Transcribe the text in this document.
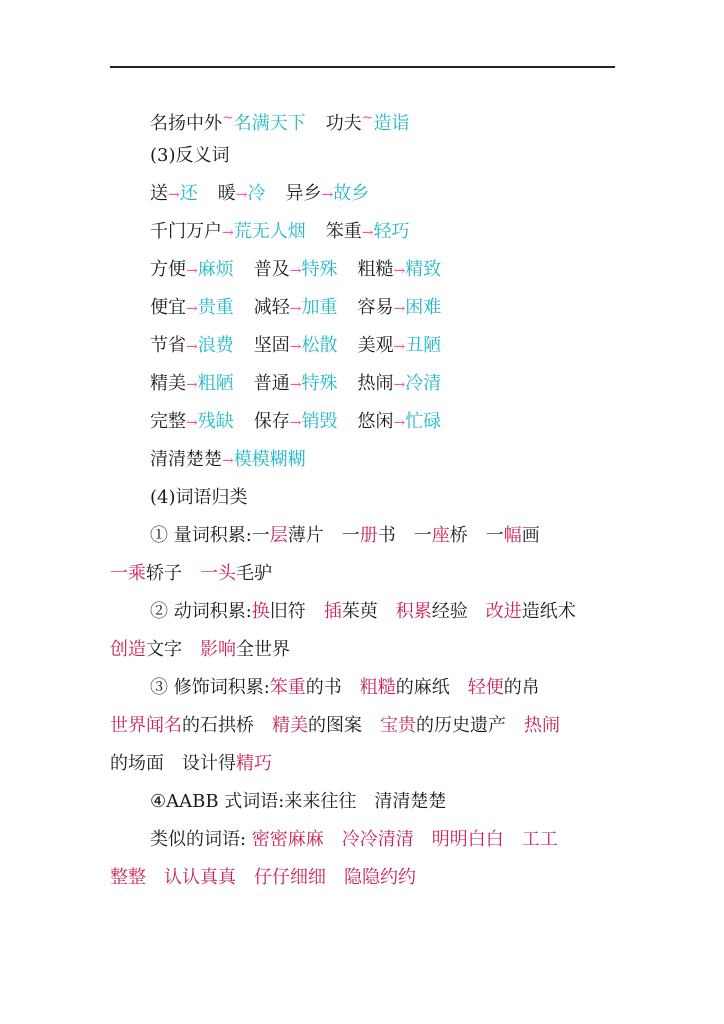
名扬中外~名满天下 功夫~造诣
(3)反义词
送→还 暖→冷 异乡→故乡
千门万户→荒无人烟 笨重→轻巧
方便→麻烦 普及→特殊 粗糙→精致
便宜→贵重 减轻→加重 容易→困难
节省→浪费 坚固→松散 美观→丑陋
精美→粗陋 普通→特殊 热闹→冷清
完整→残缺 保存→销毁 悠闲→忙碌
清清楚楚→模模糊糊
(4)词语归类
① 量词积累:一层薄片 一册书 一座桥 一幅画
一乘轿子 一头毛驴
② 动词积累:换旧符 插茱萸 积累经验 改进造纸术
创造文字 影响全世界
③ 修饰词积累:笨重的书 粗糙的麻纸 轻便的帛
世界闻名的石拱桥 精美的图案 宝贵的历史遗产 热闹
的场面 设计得精巧
④AABB 式词语:来来往往 清清楚楚
类似的词语: 密密麻麻 冷冷清清 明明白白 工工
整整 认认真真 仔仔细细 隐隐约约
